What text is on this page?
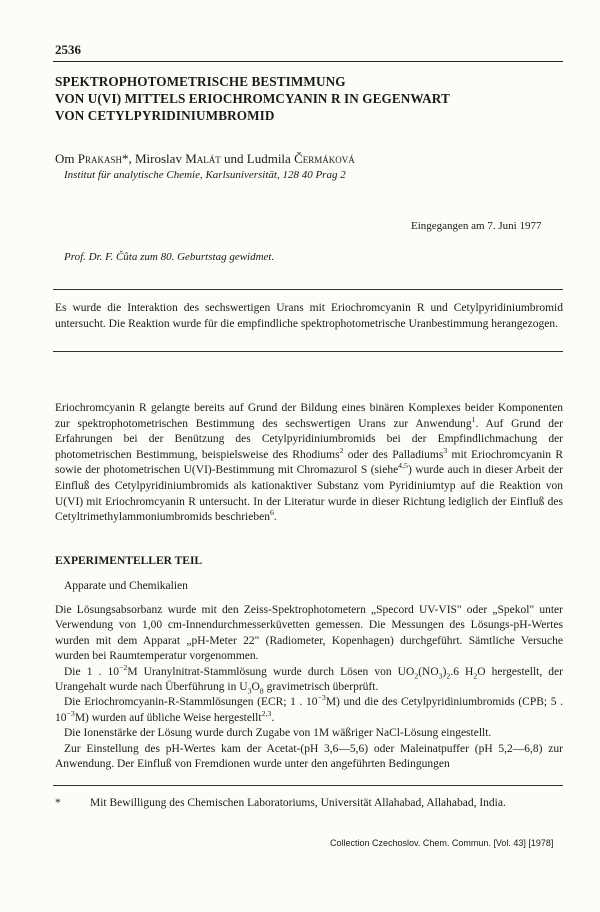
2536
SPEKTROPHOTOMETRISCHE BESTIMMUNG
VON U(VI) MITTELS ERIOCHROMCYANIN R IN GEGENWART
VON CETYLPYRIDINIUMBROMID
Om Prakash*, Miroslav Malát und Ludmila Čermáková
Institut für analytische Chemie, Karlsuniversität, 128 40 Prag 2
Eingegangen am 7. Juni 1977
Prof. Dr. F. Čůta zum 80. Geburtstag gewidmet.
Es wurde die Interaktion des sechswertigen Urans mit Eriochromcyanin R und Cetylpyridiniumbromid untersucht. Die Reaktion wurde für die empfindliche spektrophotometrische Uranbestimmung herangezogen.
Eriochromcyanin R gelangte bereits auf Grund der Bildung eines binären Komplexes beider Komponenten zur spektrophotometrischen Bestimmung des sechswertigen Urans zur Anwendung$^1$. Auf Grund der Erfahrungen bei der Benützung des Cetylpyridiniumbromids bei der Empfindlichmachung der photometrischen Bestimmung, beispielsweise des Rhodiums$^2$ oder des Palladiums$^3$ mit Eriochromcyanin R sowie der photometrischen U(VI)-Bestimmung mit Chromazurol S (siehe$^{4,5}$) wurde auch in dieser Arbeit der Einfluß des Cetylpyridiniumbromids als kationaktiver Substanz vom Pyridiniumtyp auf die Reaktion von U(VI) mit Eriochromcyanin R untersucht. In der Literatur wurde in dieser Richtung lediglich der Einfluß des Cetyltrimethylammoniumbromids beschrieben$^6$.
EXPERIMENTELLER TEIL
Apparate und Chemikalien

Die Lösungsabsorbanz wurde mit den Zeiss-Spektrophotometern „Specord UV-VIS" oder „Spekol" unter Verwendung von 1,00 cm-Innendurchmesserküvetten gemessen. Die Messungen des Lösungs-pH-Wertes wurden mit dem Apparat „pH-Meter 22" (Radiometer, Kopenhagen) durchgeführt. Sämtliche Versuche wurden bei Raumtemperatur vorgenommen.

Die 1 . $10^{-2}M$ Uranylnitrat-Stammlösung wurde durch Lösen von $UO_2(NO_3)_2.6$ $H_2O$ hergestellt, der Urangehalt wurde nach Überführung in $U_3O_8$ gravimetrisch überprüft.

Die Eriochromcyanin-R-Stammlösungen (ECR; 1 . $10^{-3}M$) und die des Cetylpyridiniumbromids (CPB; 5 . $10^{-3}M$) wurden auf übliche Weise hergestellt$^{2,3}$.

Die Ionenstärke der Lösung wurde durch Zugabe von 1M wäßriger NaCl-Lösung eingestellt.

Zur Einstellung des pH-Wertes kam der Acetat-(pH 3,6—5,6) oder Maleinatpuffer (pH 5,2—6,8) zur Anwendung. Der Einfluß von Fremdionen wurde unter den angeführten Bedingungen

*	Mit Bewilligung des Chemischen Laboratoriums, Universität Allahabad, Allahabad, India.
Collection Czechoslov. Chem. Commun. [Vol. 43] [1978]
